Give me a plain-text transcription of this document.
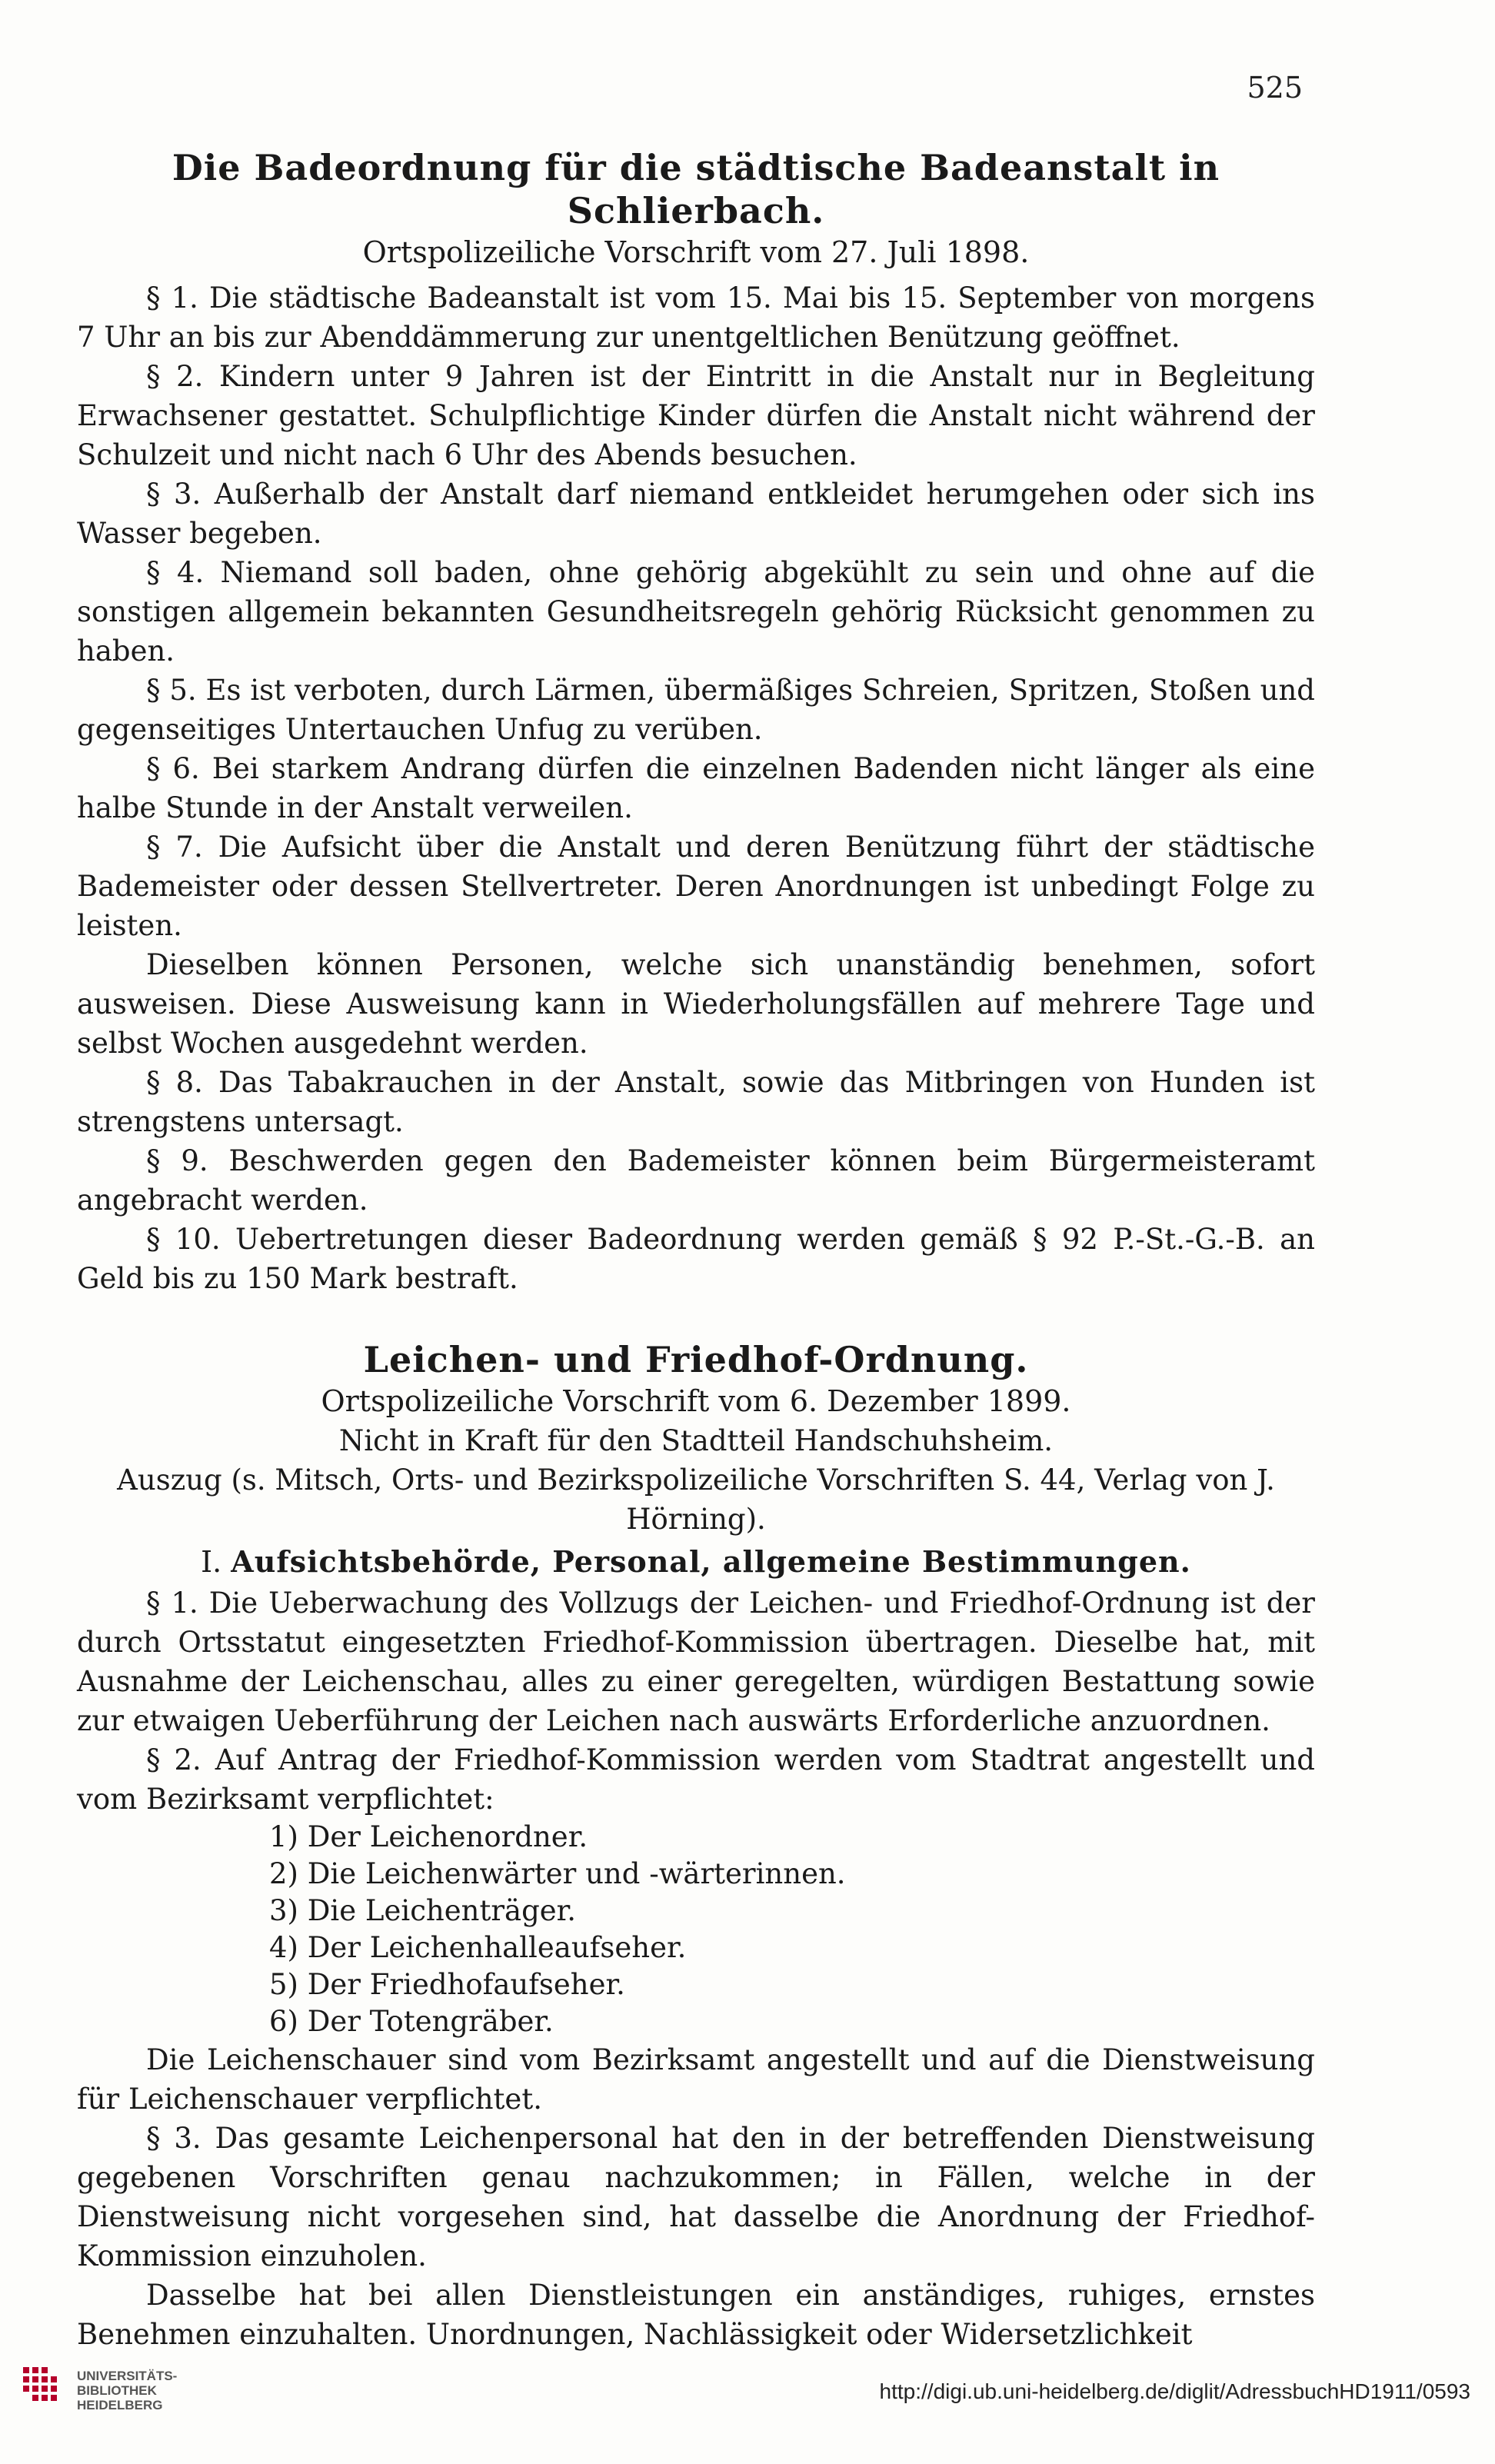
525
Die Badeordnung für die städtische Badeanstalt in Schlierbach.

Ortspolizeiliche Vorschrift vom 27. Juli 1898.

§ 1. Die städtische Badeanstalt ist vom 15. Mai bis 15. September von morgens 7 Uhr an bis zur Abenddämmerung zur unentgeltlichen Benützung geöffnet.

§ 2. Kindern unter 9 Jahren ist der Eintritt in die Anstalt nur in Begleitung Erwachsener gestattet. Schulpflichtige Kinder dürfen die Anstalt nicht während der Schulzeit und nicht nach 6 Uhr des Abends besuchen.

§ 3. Außerhalb der Anstalt darf niemand entkleidet herumgehen oder sich ins Wasser begeben.

§ 4. Niemand soll baden, ohne gehörig abgekühlt zu sein und ohne auf die sonstigen allgemein bekannten Gesundheitsregeln gehörig Rücksicht genommen zu haben.

§ 5. Es ist verboten, durch Lärmen, übermäßiges Schreien, Spritzen, Stoßen und gegenseitiges Untertauchen Unfug zu verüben.

§ 6. Bei starkem Andrang dürfen die einzelnen Badenden nicht länger als eine halbe Stunde in der Anstalt verweilen.

§ 7. Die Aufsicht über die Anstalt und deren Benützung führt der städtische Bademeister oder dessen Stellvertreter. Deren Anordnungen ist unbedingt Folge zu leisten.

Dieselben können Personen, welche sich unanständig benehmen, sofort ausweisen. Diese Ausweisung kann in Wiederholungsfällen auf mehrere Tage und selbst Wochen ausgedehnt werden.

§ 8. Das Tabakrauchen in der Anstalt, sowie das Mitbringen von Hunden ist strengstens untersagt.

§ 9. Beschwerden gegen den Bademeister können beim Bürgermeisteramt angebracht werden.

§ 10. Uebertretungen dieser Badeordnung werden gemäß § 92 P.-St.-G.-B. an Geld bis zu 150 Mark bestraft.

Leichen- und Friedhof-Ordnung.

Ortspolizeiliche Vorschrift vom 6. Dezember 1899.

Nicht in Kraft für den Stadtteil Handschuhsheim.

Auszug (s. Mitsch, Orts- und Bezirkspolizeiliche Vorschriften S. 44, Verlag von J. Hörning).

I. Aufsichtsbehörde, Personal, allgemeine Bestimmungen.

§ 1. Die Ueberwachung des Vollzugs der Leichen- und Friedhof-Ordnung ist der durch Ortsstatut eingesetzten Friedhof-Kommission übertragen. Dieselbe hat, mit Ausnahme der Leichenschau, alles zu einer geregelten, würdigen Bestattung sowie zur etwaigen Ueberführung der Leichen nach auswärts Erforderliche anzuordnen.

§ 2. Auf Antrag der Friedhof-Kommission werden vom Stadtrat angestellt und vom Bezirksamt verpflichtet:

1) Der Leichenordner.
2) Die Leichenwärter und -wärterinnen.
3) Die Leichenträger.
4) Der Leichenhalleaufseher.
5) Der Friedhofaufseher.
6) Der Totengräber.

Die Leichenschauer sind vom Bezirksamt angestellt und auf die Dienstweisung für Leichenschauer verpflichtet.

§ 3. Das gesamte Leichenpersonal hat den in der betreffenden Dienstweisung gegebenen Vorschriften genau nachzukommen; in Fällen, welche in der Dienstweisung nicht vorgesehen sind, hat dasselbe die Anordnung der Friedhof-Kommission einzuholen.

Dasselbe hat bei allen Dienstleistungen ein anständiges, ruhiges, ernstes Benehmen einzuhalten. Unordnungen, Nachlässigkeit oder Widersetzlichkeit

UNIVERSITÄTS-
BIBLIOTHEK
HEIDELBERG
http://digi.ub.uni-heidelberg.de/diglit/AdressbuchHD1911/0593
